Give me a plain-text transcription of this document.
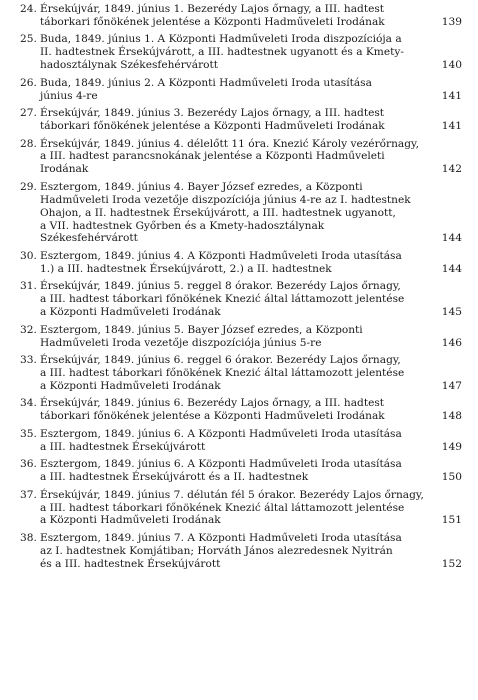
24. Érsekújvár, 1849. június 1. Bezerédy Lajos őrnagy, a III. hadtest
táborkari főnökének jelentése a Központi Hadműveleti Irodának	139
25. Buda, 1849. június 1. A Központi Hadműveleti Iroda diszpozíciója a
II. hadtestnek Érsekújvárott, a III. hadtestnek ugyanott és a Kmety-
hadosztálynak Székesfehérvárott	140
26. Buda, 1849. június 2. A Központi Hadműveleti Iroda utasítása
június 4-re	141
27. Érsekújvár, 1849. június 3. Bezerédy Lajos őrnagy, a III. hadtest
táborkari főnökének jelentése a Központi Hadműveleti Irodának	141
28. Érsekújvár, 1849. június 4. délelőtt 11 óra. Knezić Károly vezérőrnagy,
a III. hadtest parancsnokának jelentése a Központi Hadműveleti
Irodának	142
29. Esztergom, 1849. június 4. Bayer József ezredes, a Központi
Hadműveleti Iroda vezetője diszpozíciója június 4-re az I. hadtestnek
Ohajon, a II. hadtestnek Érsekújvárott, a III. hadtestnek ugyanott,
a VII. hadtestnek Győrben és a Kmety-hadosztálynak
Székesfehérvárott	144
30. Esztergom, 1849. június 4. A Központi Hadműveleti Iroda utasítása
1.) a III. hadtestnek Érsekújvárott, 2.) a II. hadtestnek	144
31. Érsekújvár, 1849. június 5. reggel 8 órakor. Bezerédy Lajos őrnagy,
a III. hadtest táborkari főnökének Knezić által láttamozott jelentése
a Központi Hadműveleti Irodának	145
32. Esztergom, 1849. június 5. Bayer József ezredes, a Központi
Hadműveleti Iroda vezetője diszpozíciója június 5-re	146
33. Érsekújvár, 1849. június 6. reggel 6 órakor. Bezerédy Lajos őrnagy,
a III. hadtest táborkari főnökének Knezić által láttamozott jelentése
a Központi Hadműveleti Irodának	147
34. Érsekújvár, 1849. június 6. Bezerédy Lajos őrnagy, a III. hadtest
táborkari főnökének jelentése a Központi Hadműveleti Irodának	148
35. Esztergom, 1849. június 6. A Központi Hadműveleti Iroda utasítása
a III. hadtestnek Érsekújvárott	149
36. Esztergom, 1849. június 6. A Központi Hadműveleti Iroda utasítása
a III. hadtestnek Érsekújvárott és a II. hadtestnek	150
37. Érsekújvár, 1849. június 7. délután fél 5 órakor. Bezerédy Lajos őrnagy,
a III. hadtest táborkari főnökének Knezić által láttamozott jelentése
a Központi Hadműveleti Irodának	151
38. Esztergom, 1849. június 7. A Központi Hadműveleti Iroda utasítása
az I. hadtestnek Komjátiban; Horváth János alezredesnek Nyitrán
és a III. hadtestnek Érsekújvárott	152
